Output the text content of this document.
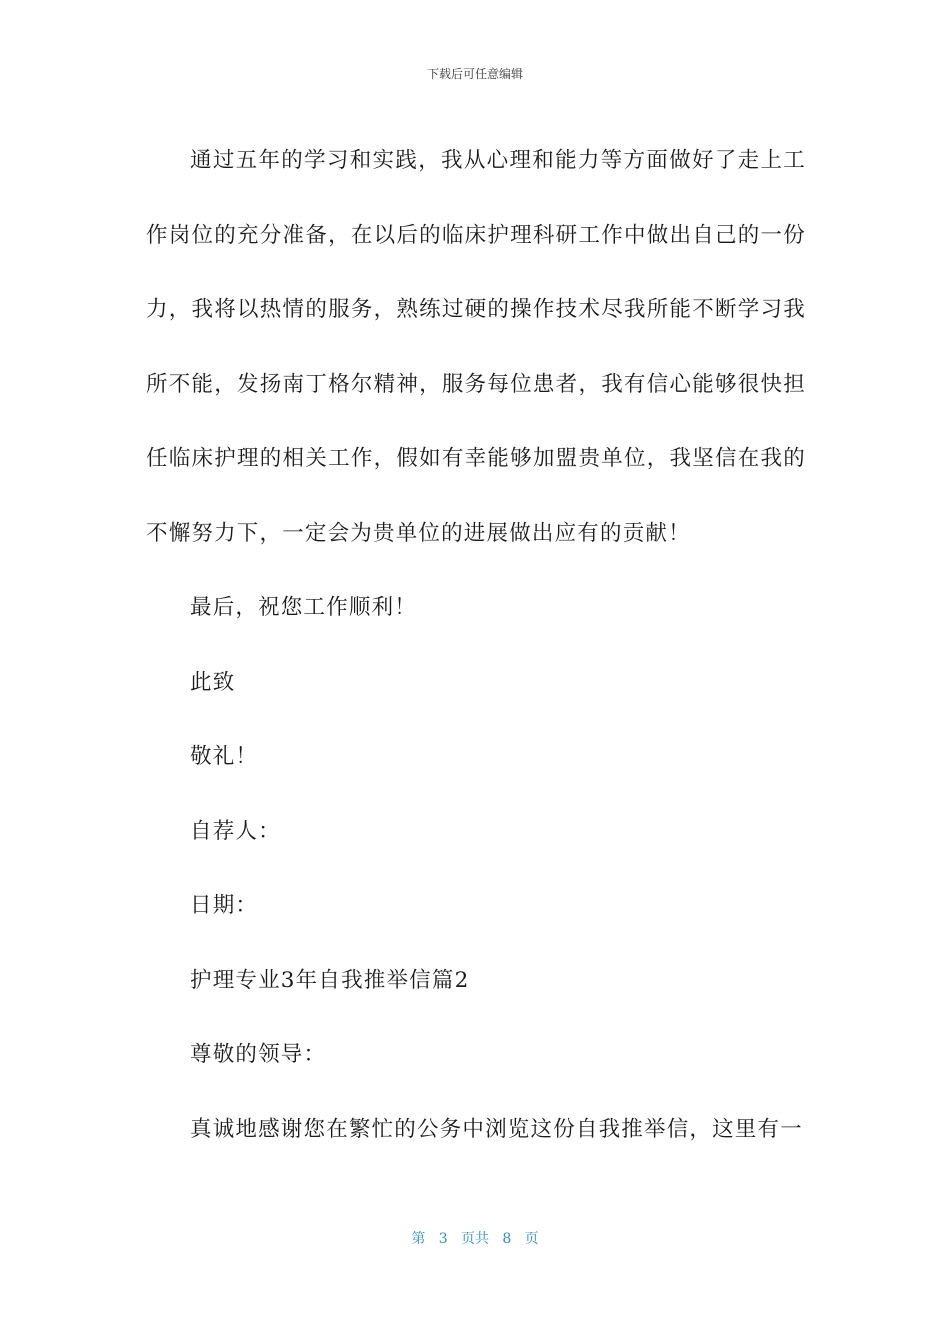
下载后可任意编辑

通过五年的学习和实践，我从心理和能力等方面做好了走上工作岗位的充分准备，在以后的临床护理科研工作中做出自己的一份力，我将以热情的服务，熟练过硬的操作技术尽我所能不断学习我所不能，发扬南丁格尔精神，服务每位患者，我有信心能够很快担任临床护理的相关工作，假如有幸能够加盟贵单位，我坚信在我的不懈努力下，一定会为贵单位的进展做出应有的贡献！

最后，祝您工作顺利！

此致

敬礼！

自荐人：

日期：

护理专业3年自我推举信篇2

尊敬的领导：

真诚地感谢您在繁忙的公务中浏览这份自我推举信，这里有一

第 3 页共 8 页
